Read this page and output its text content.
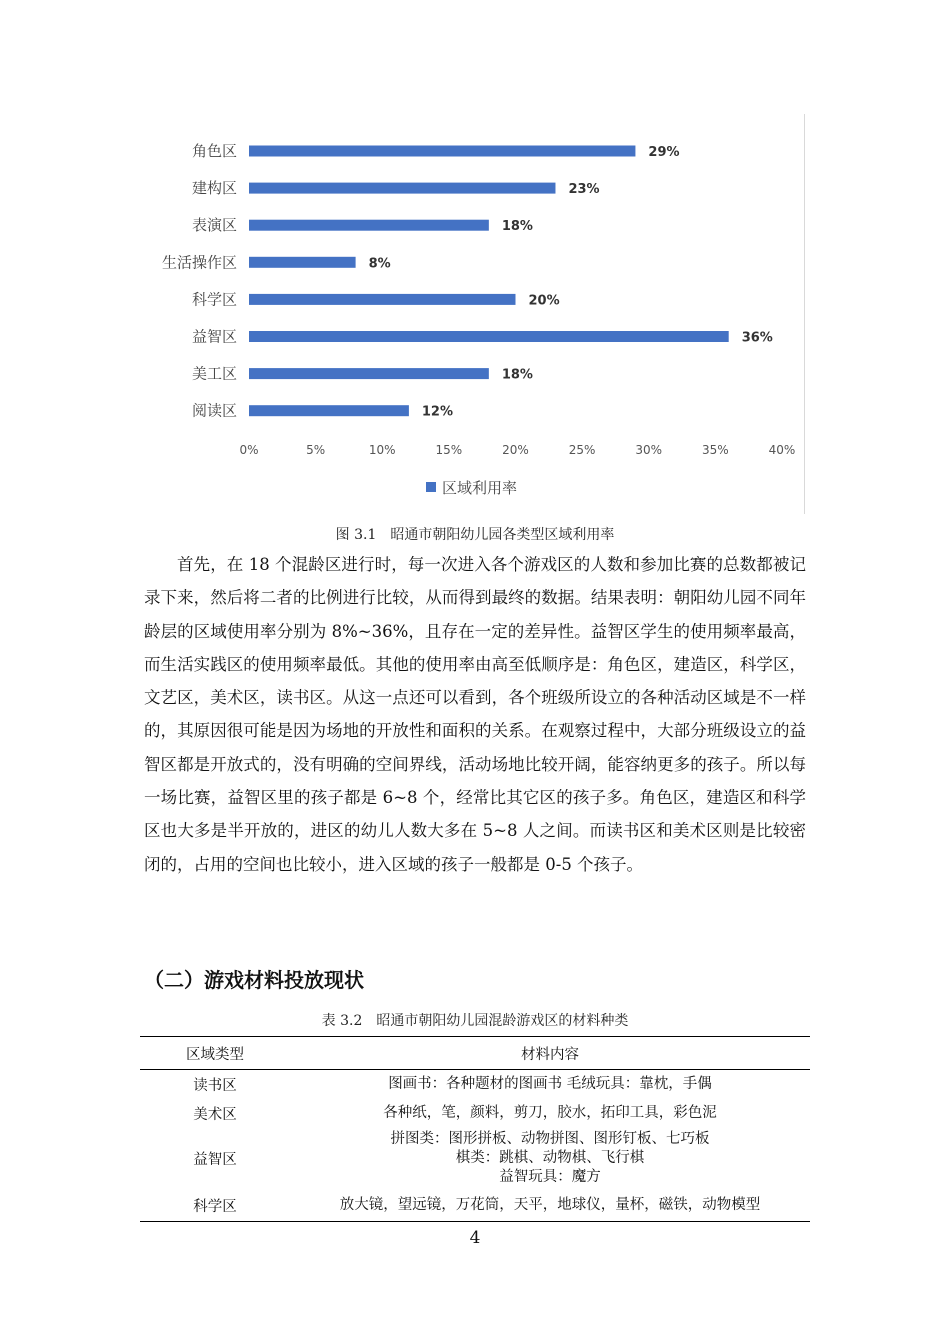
角色区	29%
建构区	23%
表演区	18%
生活操作区	8%
科学区	20%
益智区	36%
美工区	18%
阅读区	12%
0%	5%	10%	15%	20%	25%	30%	35%	40%
区域利用率
图 3.1　昭通市朝阳幼儿园各类型区域利用率

首先，在 18 个混龄区进行时，每一次进入各个游戏区的人数和参加比赛的总数都被记录下来，然后将二者的比例进行比较，从而得到最终的数据。结果表明：朝阳幼儿园不同年龄层的区域使用率分别为 8%~36%，且存在一定的差异性。益智区学生的使用频率最高，而生活实践区的使用频率最低。其他的使用率由高至低顺序是：角色区，建造区，科学区，文艺区，美术区，读书区。从这一点还可以看到，各个班级所设立的各种活动区域是不一样的，其原因很可能是因为场地的开放性和面积的关系。在观察过程中，大部分班级设立的益智区都是开放式的，没有明确的空间界线，活动场地比较开阔，能容纳更多的孩子。所以每一场比赛，益智区里的孩子都是 6~8 个，经常比其它区的孩子多。角色区，建造区和科学区也大多是半开放的，进区的幼儿人数大多在 5~8 人之间。而读书区和美术区则是比较密闭的，占用的空间也比较小，进入区域的孩子一般都是 0-5 个孩子。

（二）游戏材料投放现状
表 3.2　昭通市朝阳幼儿园混龄游戏区的材料种类
区域类型	材料内容
读书区	图画书：各种题材的图画书 毛绒玩具：靠枕，手偶

美术区	各种纸，笔，颜料，剪刀，胶水，拓印工具，彩色泥

益智区	拼图类：图形拼板、动物拼图、图形钉板、七巧板
棋类：跳棋、动物棋、飞行棋
益智玩具：魔方

科学区	放大镜，望远镜，万花筒，天平，地球仪，量杯，磁铁，动物模型
4
